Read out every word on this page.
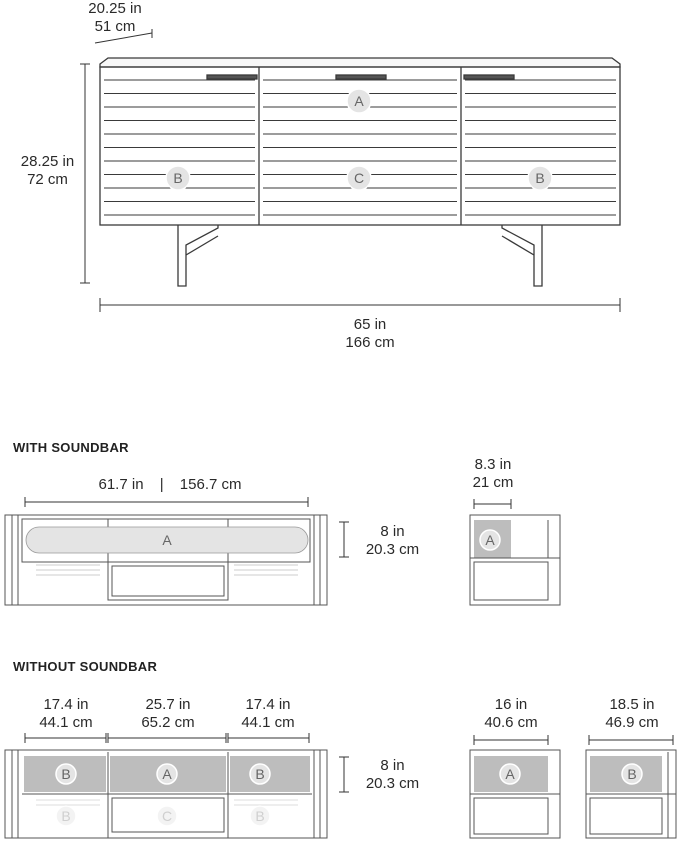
A
B	C	B
A	A
B	A	B
B	C	B
A	B
20.25 in
51 cm
28.25 in
72 cm
65 in
166 cm
WITH SOUNDBAR
61.7 in | 156.7 cm
8 in
20.3 cm
8.3 in
21 cm
WITHOUT SOUNDBAR
17.4 in
44.1 cm
25.7 in
65.2 cm
17.4 in
44.1 cm
8 in
20.3 cm
16 in
40.6 cm
18.5 in
46.9 cm
